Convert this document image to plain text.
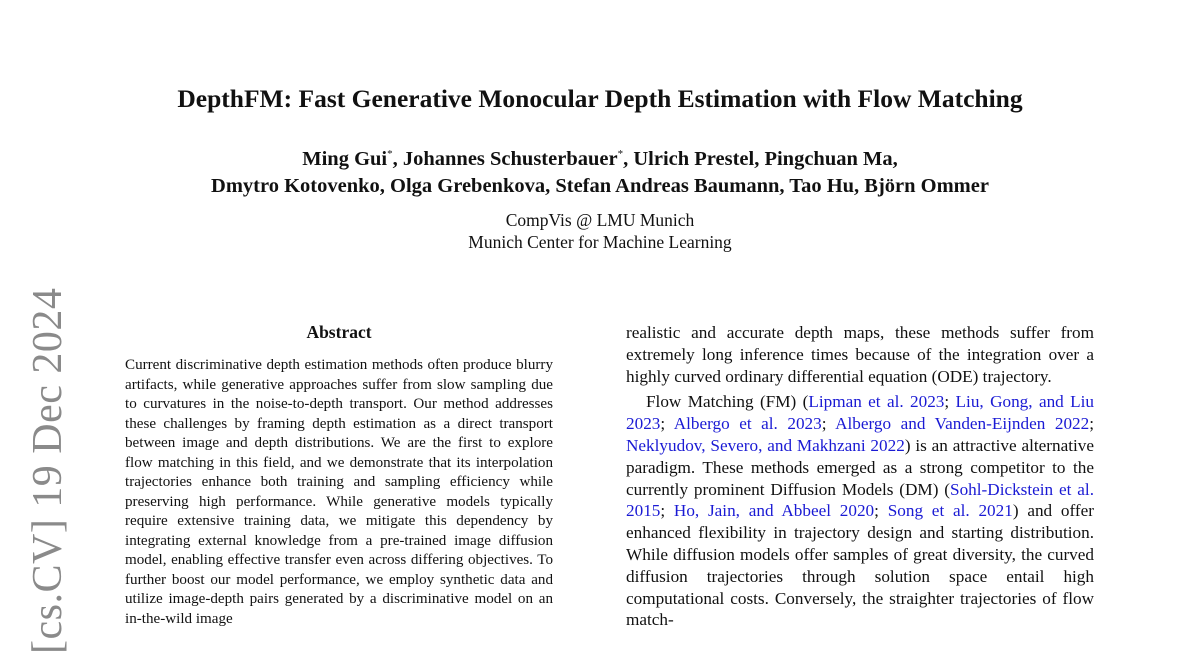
[cs.CV] 19 Dec 2024
DepthFM: Fast Generative Monocular Depth Estimation with Flow Matching
Ming Gui*, Johannes Schusterbauer*, Ulrich Prestel, Pingchuan Ma,
Dmytro Kotovenko, Olga Grebenkova, Stefan Andreas Baumann, Tao Hu, Björn Ommer
CompVis @ LMU Munich
Munich Center for Machine Learning
Abstract

Current discriminative depth estimation methods often produce blurry artifacts, while generative approaches suffer from slow sampling due to curvatures in the noise-to-depth transport. Our method addresses these challenges by framing depth estimation as a direct transport between image and depth distributions. We are the first to explore flow matching in this field, and we demonstrate that its interpolation trajectories enhance both training and sampling efficiency while preserving high performance. While generative models typically require extensive training data, we mitigate this dependency by integrating external knowledge from a pre-trained image diffusion model, enabling effective transfer even across differing objectives. To further boost our model performance, we employ synthetic data and utilize image-depth pairs generated by a discriminative model on an in-the-wild image

realistic and accurate depth maps, these methods suffer from extremely long inference times because of the integration over a highly curved ordinary differential equation (ODE) trajectory.

Flow Matching (FM) (Lipman et al. 2023; Liu, Gong, and Liu 2023; Albergo et al. 2023; Albergo and Vanden-Eijnden 2022; Neklyudov, Severo, and Makhzani 2022) is an attractive alternative paradigm. These methods emerged as a strong competitor to the currently prominent Diffusion Models (DM) (Sohl-Dickstein et al. 2015; Ho, Jain, and Abbeel 2020; Song et al. 2021) and offer enhanced flexibility in trajectory design and starting distribution. While diffusion models offer samples of great diversity, the curved diffusion trajectories through solution space entail high computational costs. Conversely, the straighter trajectories of flow match-
